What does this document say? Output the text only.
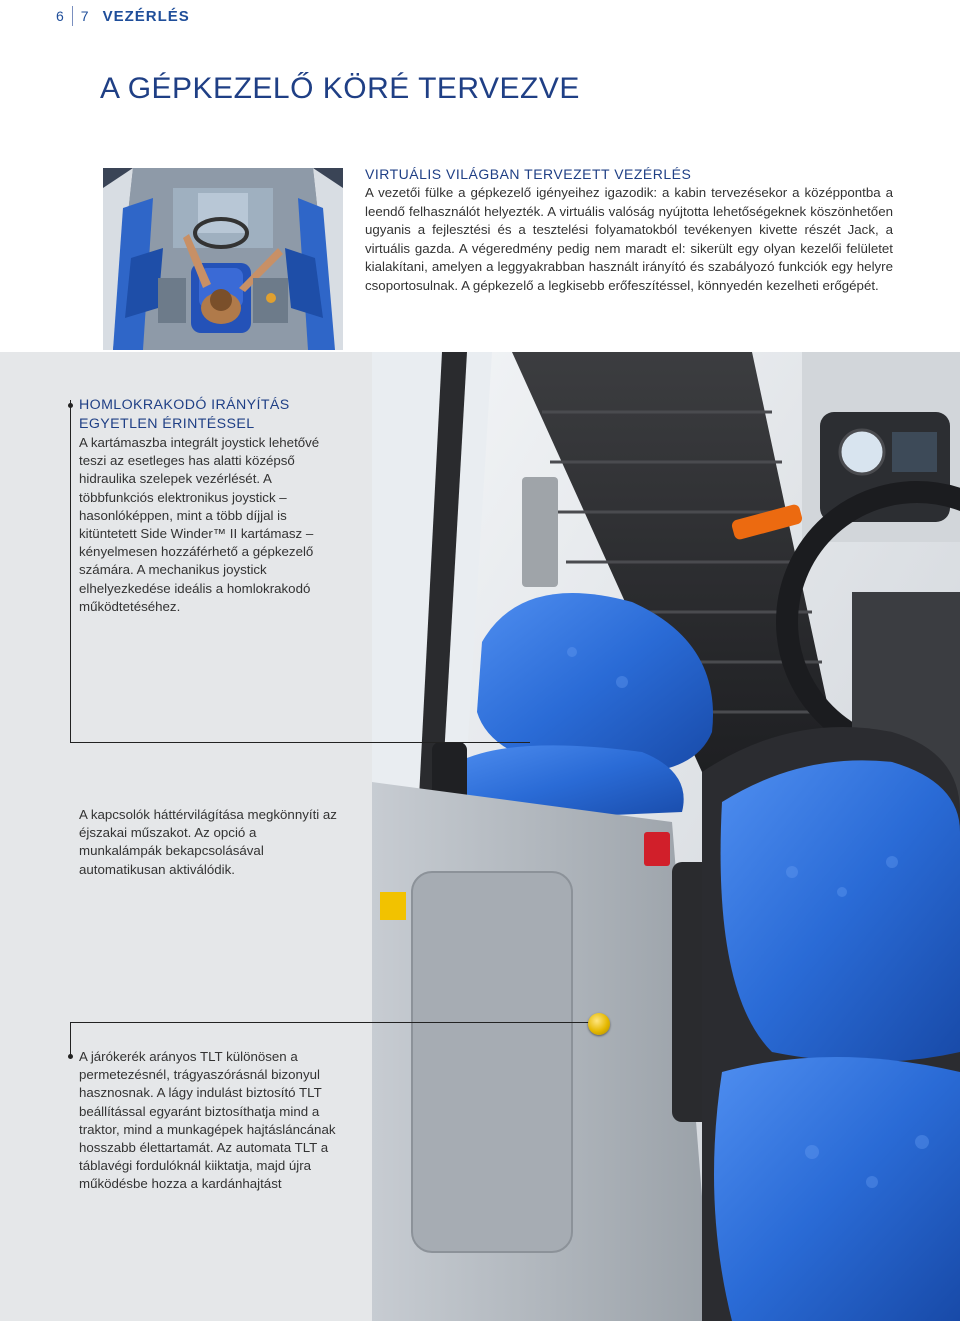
6 7 VEZÉRLÉS
A GÉPKEZELŐ KÖRÉ TERVEZVE
VIRTUÁLIS VILÁGBAN TERVEZETT VEZÉRLÉS
A vezetői fülke a gépkezelő igényeihez igazodik: a kabin tervezésekor a középpontba a leendő felhasználót helyezték. A virtuális valóság nyújtotta lehetőségeknek köszönhetően ugyanis a fejlesztési és a tesztelési folyamatokból tevékenyen kivette részét Jack, a virtuális gazda. A végeredmény pedig nem maradt el: sikerült egy olyan kezelői felületet kialakítani, amelyen a leggyakrabban használt irányító és szabályozó funkciók egy helyre csoportosulnak. A gépkezelő a legkisebb erőfeszítéssel, könnyedén kezelheti erőgépét.
HOMLOKRAKODÓ IRÁNYÍTÁS
EGYETLEN ÉRINTÉSSEL
A kartámaszba integrált joystick lehetővé teszi az esetleges has alatti középső hidraulika szelepek vezérlését. A többfunkciós elektronikus joystick – hasonlóképpen, mint a több díjjal is kitüntetett Side Winder™ II kartámasz – kényelmesen hozzáférhető a gépkezelő számára. A mechanikus joystick elhelyezkedése ideális a homlokrakodó működtetéséhez.
A kapcsolók háttérvilágítása megkönnyíti az éjszakai műszakot. Az opció a munkalámpák bekapcsolásával automatikusan aktiválódik.
A járókerék arányos TLT különösen a permetezésnél, trágyaszórásnál bizonyul hasznosnak. A lágy indulást biztosító TLT beállítással egyaránt biztosíthatja mind a traktor, mind a munkagépek hajtásláncának hosszabb élettartamát. Az automata TLT a táblavégi fordulóknál kiiktatja, majd újra működésbe hozza a kardánhajtást
